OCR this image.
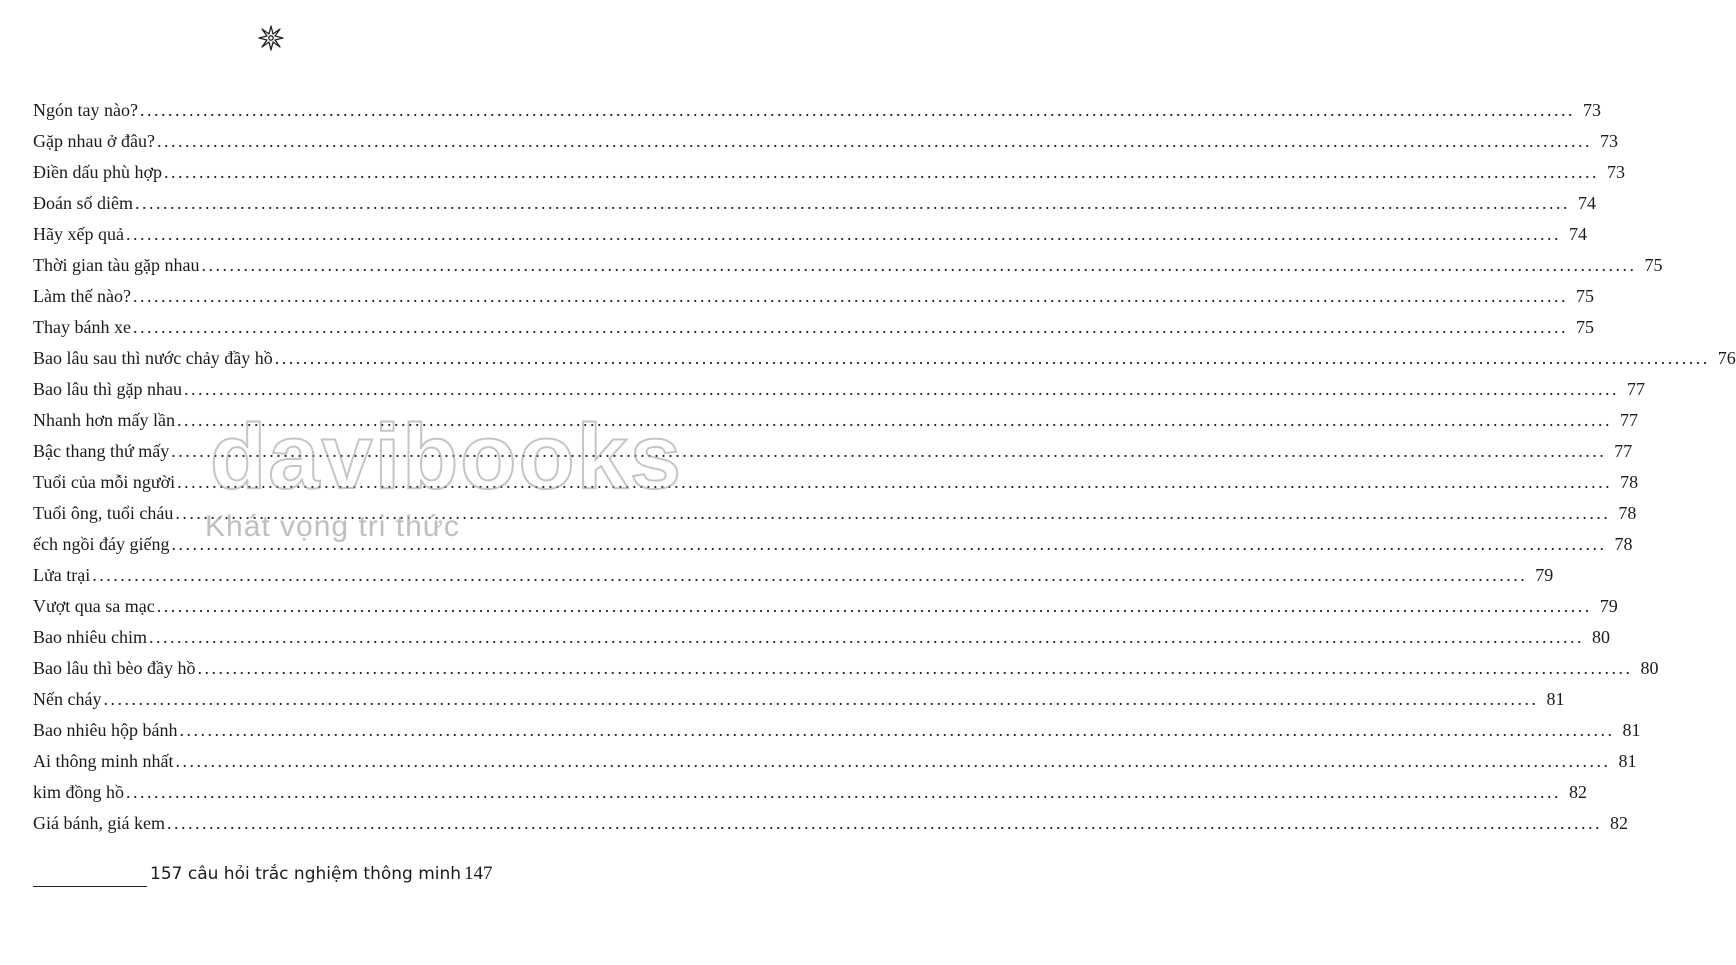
Ngón tay nào? . . .	73
Gặp nhau ở đâu? . . .	73
Điền dấu phù hợp . . .	73
Đoán số diêm . . .	74
Hãy xếp quả . . .	74
Thời gian tàu gặp nhau . . .	75
Làm thế nào? . . .	75
Thay bánh xe . . .	75
Bao lâu sau thì nước chảy đầy hồ . . .	76
Bao lâu thì gặp nhau . . .	77
Nhanh hơn mấy lần . . .	77
Bậc thang thứ mấy . . .	77
Tuổi của mỗi người . . .	78
Tuổi ông, tuổi cháu . . .	78
ếch ngồi đáy giếng . . .	78
Lửa trại . . .	79
Vượt qua sa mạc . . .	79
Bao nhiêu chim . . .	80
Bao lâu thì bèo đầy hồ . . .	80
Nến cháy . . .	81
Bao nhiêu hộp bánh . . .	81
Ai thông minh nhất . . .	81
kim đồng hồ . . .	82
Giá bánh, giá kem . . .	82
157 câu hỏi trắc nghiệm thông minh 147
davibooks
Khát vọng tri thức
